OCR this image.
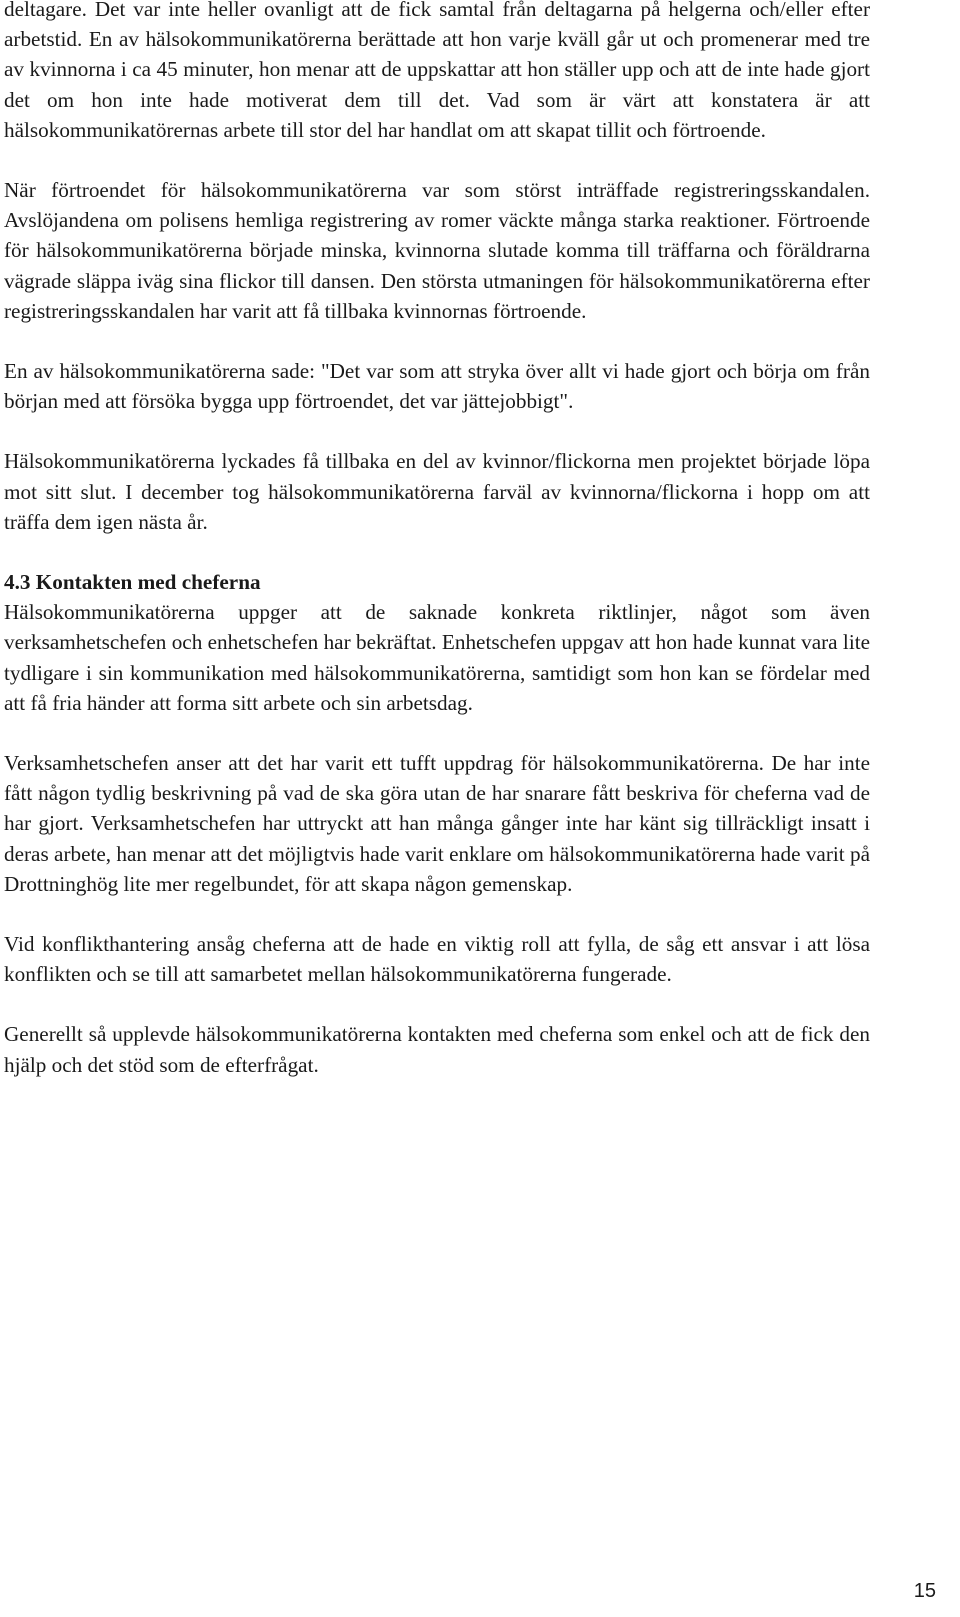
deltagare. Det var inte heller ovanligt att de fick samtal från deltagarna på helgerna och/eller efter arbetstid. En av hälsokommunikatörerna berättade att hon varje kväll går ut och promenerar med tre av kvinnorna i ca 45 minuter, hon menar att de uppskattar att hon ställer upp och att de inte hade gjort det om hon inte hade motiverat dem till det. Vad som är värt att konstatera är att hälsokommunikatörernas arbete till stor del har handlat om att skapat tillit och förtroende.

När förtroendet för hälsokommunikatörerna var som störst inträffade registreringsskandalen. Avslöjandena om polisens hemliga registrering av romer väckte många starka reaktioner. Förtroende för hälsokommunikatörerna började minska, kvinnorna slutade komma till träffarna och föräldrarna vägrade släppa iväg sina flickor till dansen. Den största utmaningen för hälsokommunikatörerna efter registreringsskandalen har varit att få tillbaka kvinnornas förtroende.

En av hälsokommunikatörerna sade: "Det var som att stryka över allt vi hade gjort och börja om från början med att försöka bygga upp förtroendet, det var jättejobbigt".

Hälsokommunikatörerna lyckades få tillbaka en del av kvinnor/flickorna men projektet började löpa mot sitt slut. I december tog hälsokommunikatörerna farväl av kvinnorna/flickorna i hopp om att träffa dem igen nästa år.

4.3 Kontakten med cheferna

Hälsokommunikatörerna uppger att de saknade konkreta riktlinjer, något som även verksamhetschefen och enhetschefen har bekräftat. Enhetschefen uppgav att hon hade kunnat vara lite tydligare i sin kommunikation med hälsokommunikatörerna, samtidigt som hon kan se fördelar med att få fria händer att forma sitt arbete och sin arbetsdag.

Verksamhetschefen anser att det har varit ett tufft uppdrag för hälsokommunikatörerna. De har inte fått någon tydlig beskrivning på vad de ska göra utan de har snarare fått beskriva för cheferna vad de har gjort. Verksamhetschefen har uttryckt att han många gånger inte har känt sig tillräckligt insatt i deras arbete, han menar att det möjligtvis hade varit enklare om hälsokommunikatörerna hade varit på Drottninghög lite mer regelbundet, för att skapa någon gemenskap.

Vid konflikthantering ansåg cheferna att de hade en viktig roll att fylla, de såg ett ansvar i att lösa konflikten och se till att samarbetet mellan hälsokommunikatörerna fungerade.

Generellt så upplevde hälsokommunikatörerna kontakten med cheferna som enkel och att de fick den hjälp och det stöd som de efterfrågat.

15
